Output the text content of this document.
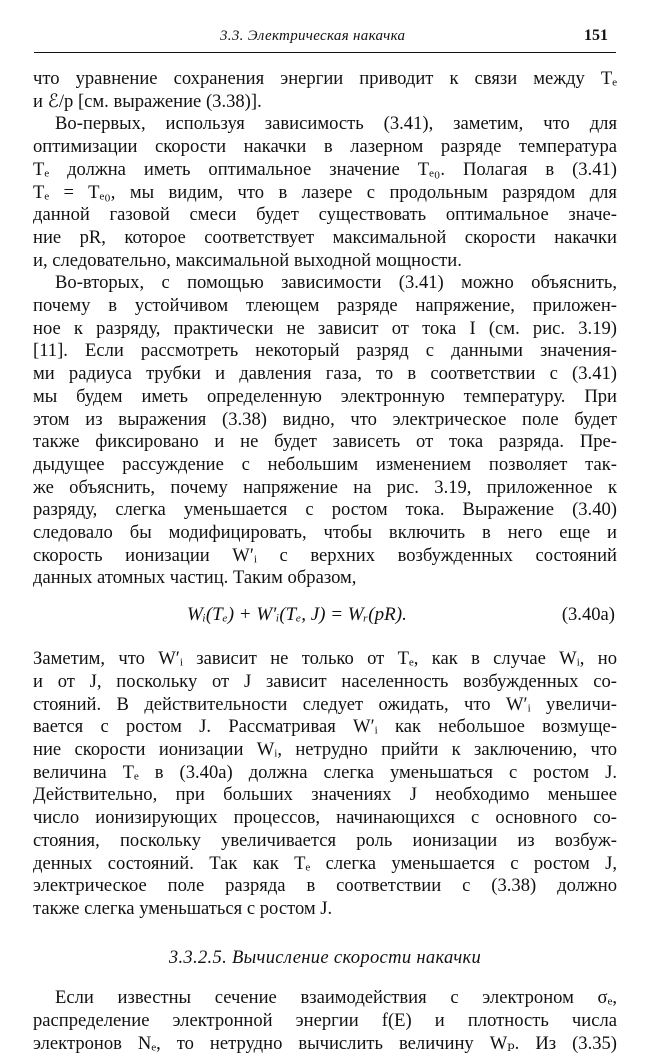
3.3. Электрическая накачка	151

что уравнение сохранения энергии приводит к связи между Tₑ
и ℰ/p [см. выражение (3.38)].

Во-первых, используя зависимость (3.41), заметим, что для
оптимизации скорости накачки в лазерном разряде температура
Tₑ должна иметь оптимальное значение Tₑ₀. Полагая в (3.41)
Tₑ = Tₑ₀, мы видим, что в лазере с продольным разрядом для
данной газовой смеси будет существовать оптимальное значе-
ние pR, которое соответствует максимальной скорости накачки
и, следовательно, максимальной выходной мощности.

Во-вторых, с помощью зависимости (3.41) можно объяснить,
почему в устойчивом тлеющем разряде напряжение, приложен-
ное к разряду, практически не зависит от тока I (см. рис. 3.19)
[11]. Если рассмотреть некоторый разряд с данными значения-
ми радиуса трубки и давления газа, то в соответствии с (3.41)
мы будем иметь определенную электронную температуру. При
этом из выражения (3.38) видно, что электрическое поле будет
также фиксировано и не будет зависеть от тока разряда. Пре-
дыдущее рассуждение с небольшим изменением позволяет так-
же объяснить, почему напряжение на рис. 3.19, приложенное к
разряду, слегка уменьшается с ростом тока. Выражение (3.40)
следовало бы модифицировать, чтобы включить в него еще и
скорость ионизации W′ᵢ с верхних возбужденных состояний
данных атомных частиц. Таким образом,

Wᵢ(Tₑ) + W′ᵢ(Tₑ, J) = Wᵣ(pR).	(3.40a)

Заметим, что W′ᵢ зависит не только от Tₑ, как в случае Wᵢ, но
и от J, поскольку от J зависит населенность возбужденных со-
стояний. В действительности следует ожидать, что W′ᵢ увеличи-
вается с ростом J. Рассматривая W′ᵢ как небольшое возмуще-
ние скорости ионизации Wᵢ, нетрудно прийти к заключению, что
величина Tₑ в (3.40a) должна слегка уменьшаться с ростом J.
Действительно, при больших значениях J необходимо меньшее
число ионизирующих процессов, начинающихся с основного со-
стояния, поскольку увеличивается роль ионизации из возбуж-
денных состояний. Так как Tₑ слегка уменьшается с ростом J,
электрическое поле разряда в соответствии с (3.38) должно
также слегка уменьшаться с ростом J.

3.3.2.5. Вычисление скорости накачки

Если известны сечение взаимодействия с электроном σₑ,
распределение электронной энергии f(E) и плотность числа
электронов Nₑ, то нетрудно вычислить величину Wₚ. Из (3.35)
